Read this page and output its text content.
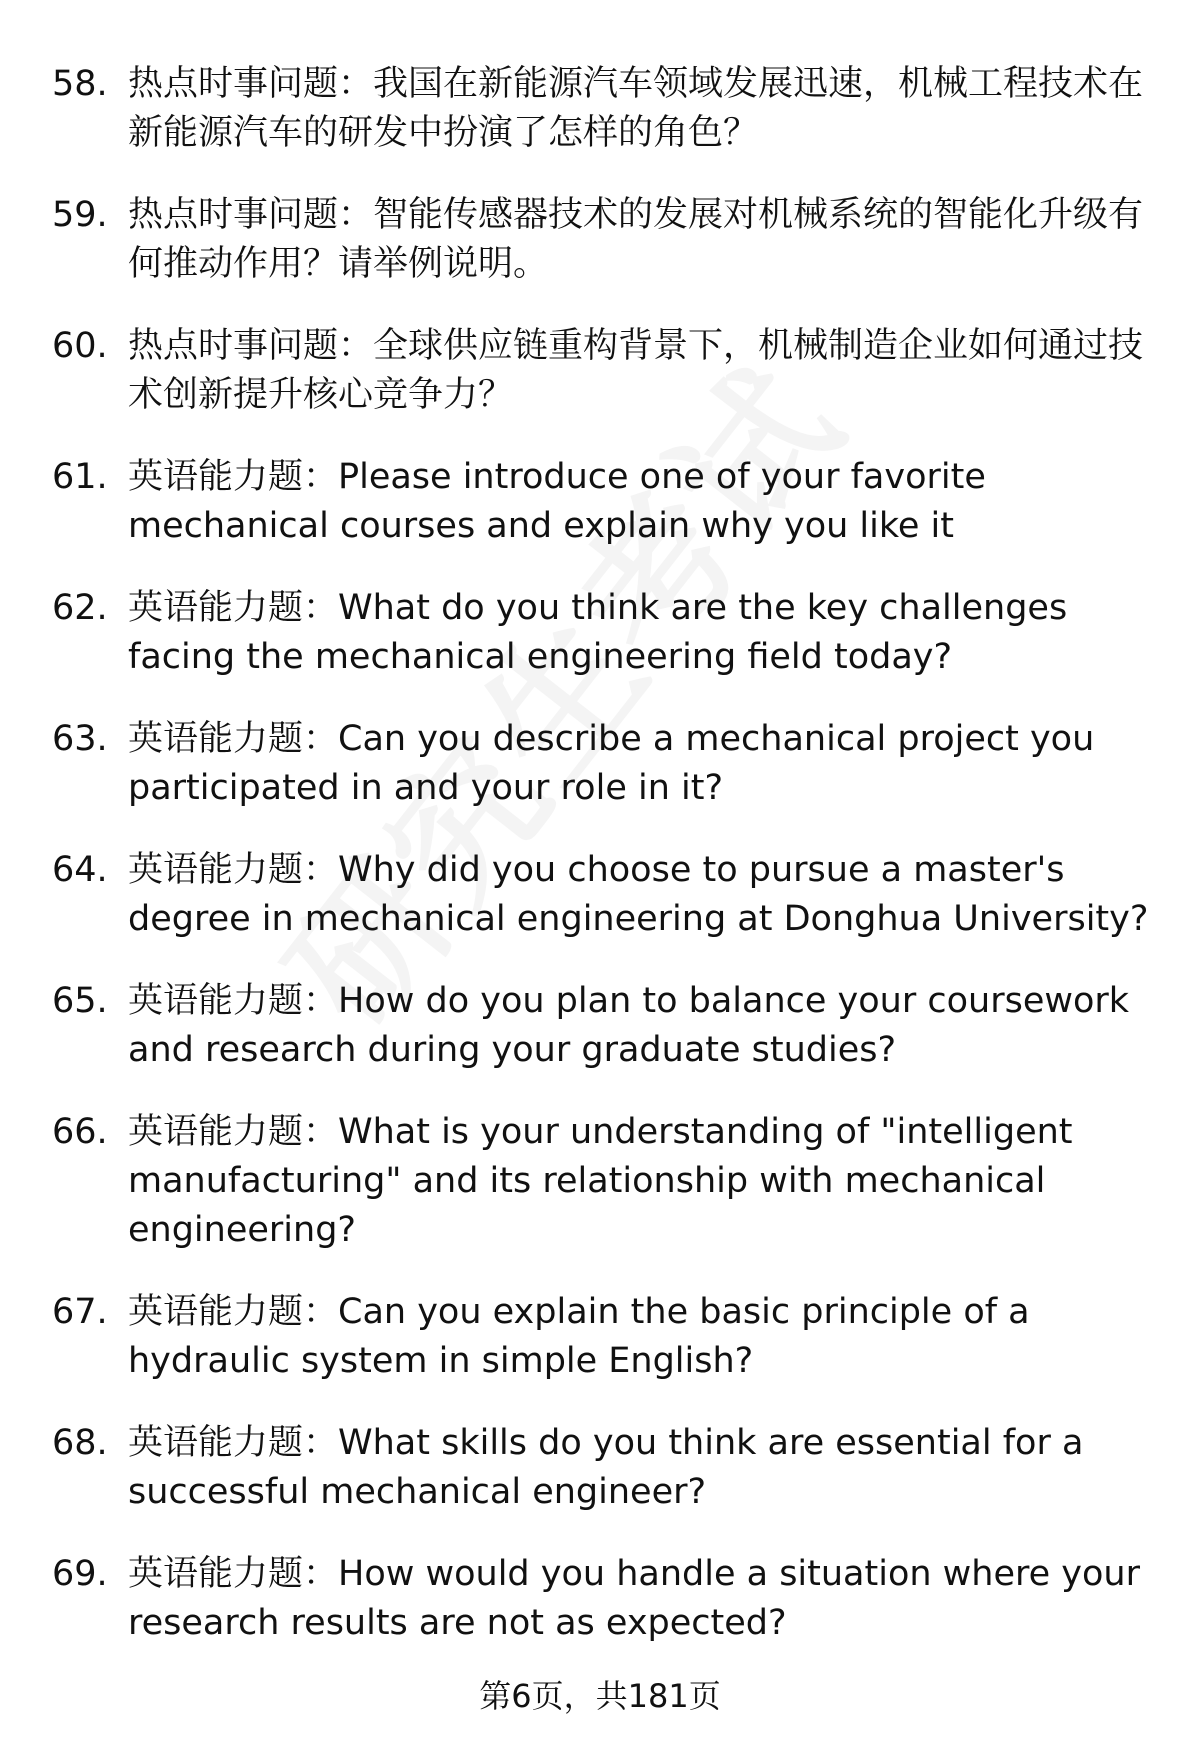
58. 热点时事问题：我国在新能源汽车领域发展迅速，机械工程技术在新能源汽车的研发中扮演了怎样的角色？
59. 热点时事问题：智能传感器技术的发展对机械系统的智能化升级有何推动作用？请举例说明。
60. 热点时事问题：全球供应链重构背景下，机械制造企业如何通过技术创新提升核心竞争力？
61. 英语能力题：Please introduce one of your favorite mechanical courses and explain why you like it
62. 英语能力题：What do you think are the key challenges facing the mechanical engineering field today?
63. 英语能力题：Can you describe a mechanical project you participated in and your role in it?
64. 英语能力题：Why did you choose to pursue a master's degree in mechanical engineering at Donghua University?
65. 英语能力题：How do you plan to balance your coursework and research during your graduate studies?
66. 英语能力题：What is your understanding of "intelligent manufacturing" and its relationship with mechanical engineering?
67. 英语能力题：Can you explain the basic principle of a hydraulic system in simple English?
68. 英语能力题：What skills do you think are essential for a successful mechanical engineer?
69. 英语能力题：How would you handle a situation where your research results are not as expected?
第6页，共181页
